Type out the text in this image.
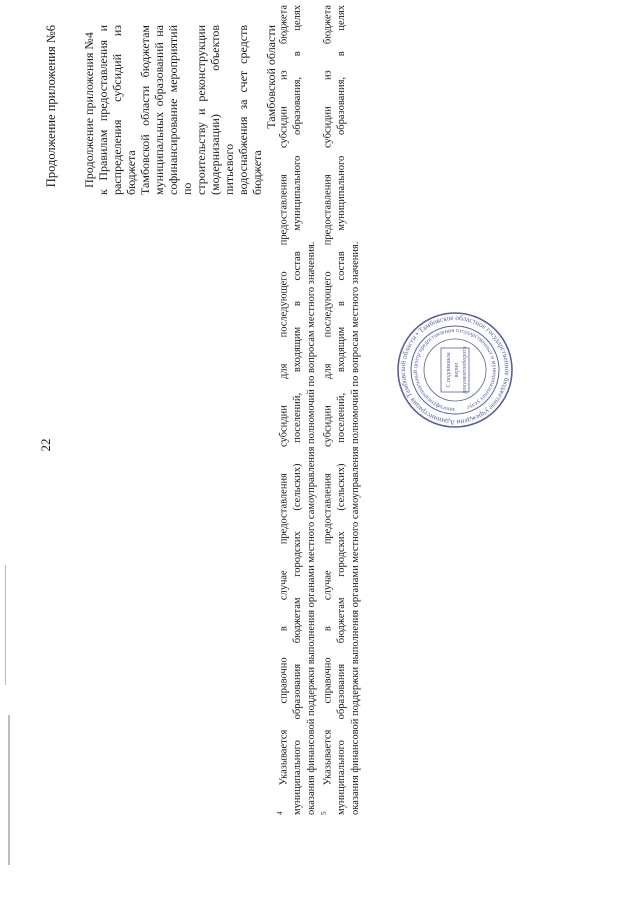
22
Продолжение приложения №6 Продолжение приложения №4 к Правилам предоставления и распределения субсидий из бюджета Тамбовской области бюджетам муниципальных образований на софинансирование мероприятий по строительству и реконструкции (модернизации) объектов питьевого водоснабжения за счет средств бюджета
Тамбовской области
$^4$ Указывается справочно в случае предоставления субсидии для последующего предоставления субсидии из бюджета муниципального образования бюджетам городских (сельских) поселений, входящим в состав муниципального образования, в целях оказания финансовой поддержки выполнения органами местного самоуправления полномочий по вопросам местного значения. $^5$ Указывается справочно в случае предоставления субсидии для последующего предоставления субсидии из бюджета муниципального образования бюджетам городских (сельских) поселений, входящим в состав муниципального образования, в целях оказания финансовой поддержки выполнения органами местного самоуправления полномочий по вопросам местного значения.	Администрация Тамбовской области • Тамбовское областное государственное бюджетное учреждени
многофункциональный центр предоставления государственных и муниципальных услуг
С подлинным верно документооборота
